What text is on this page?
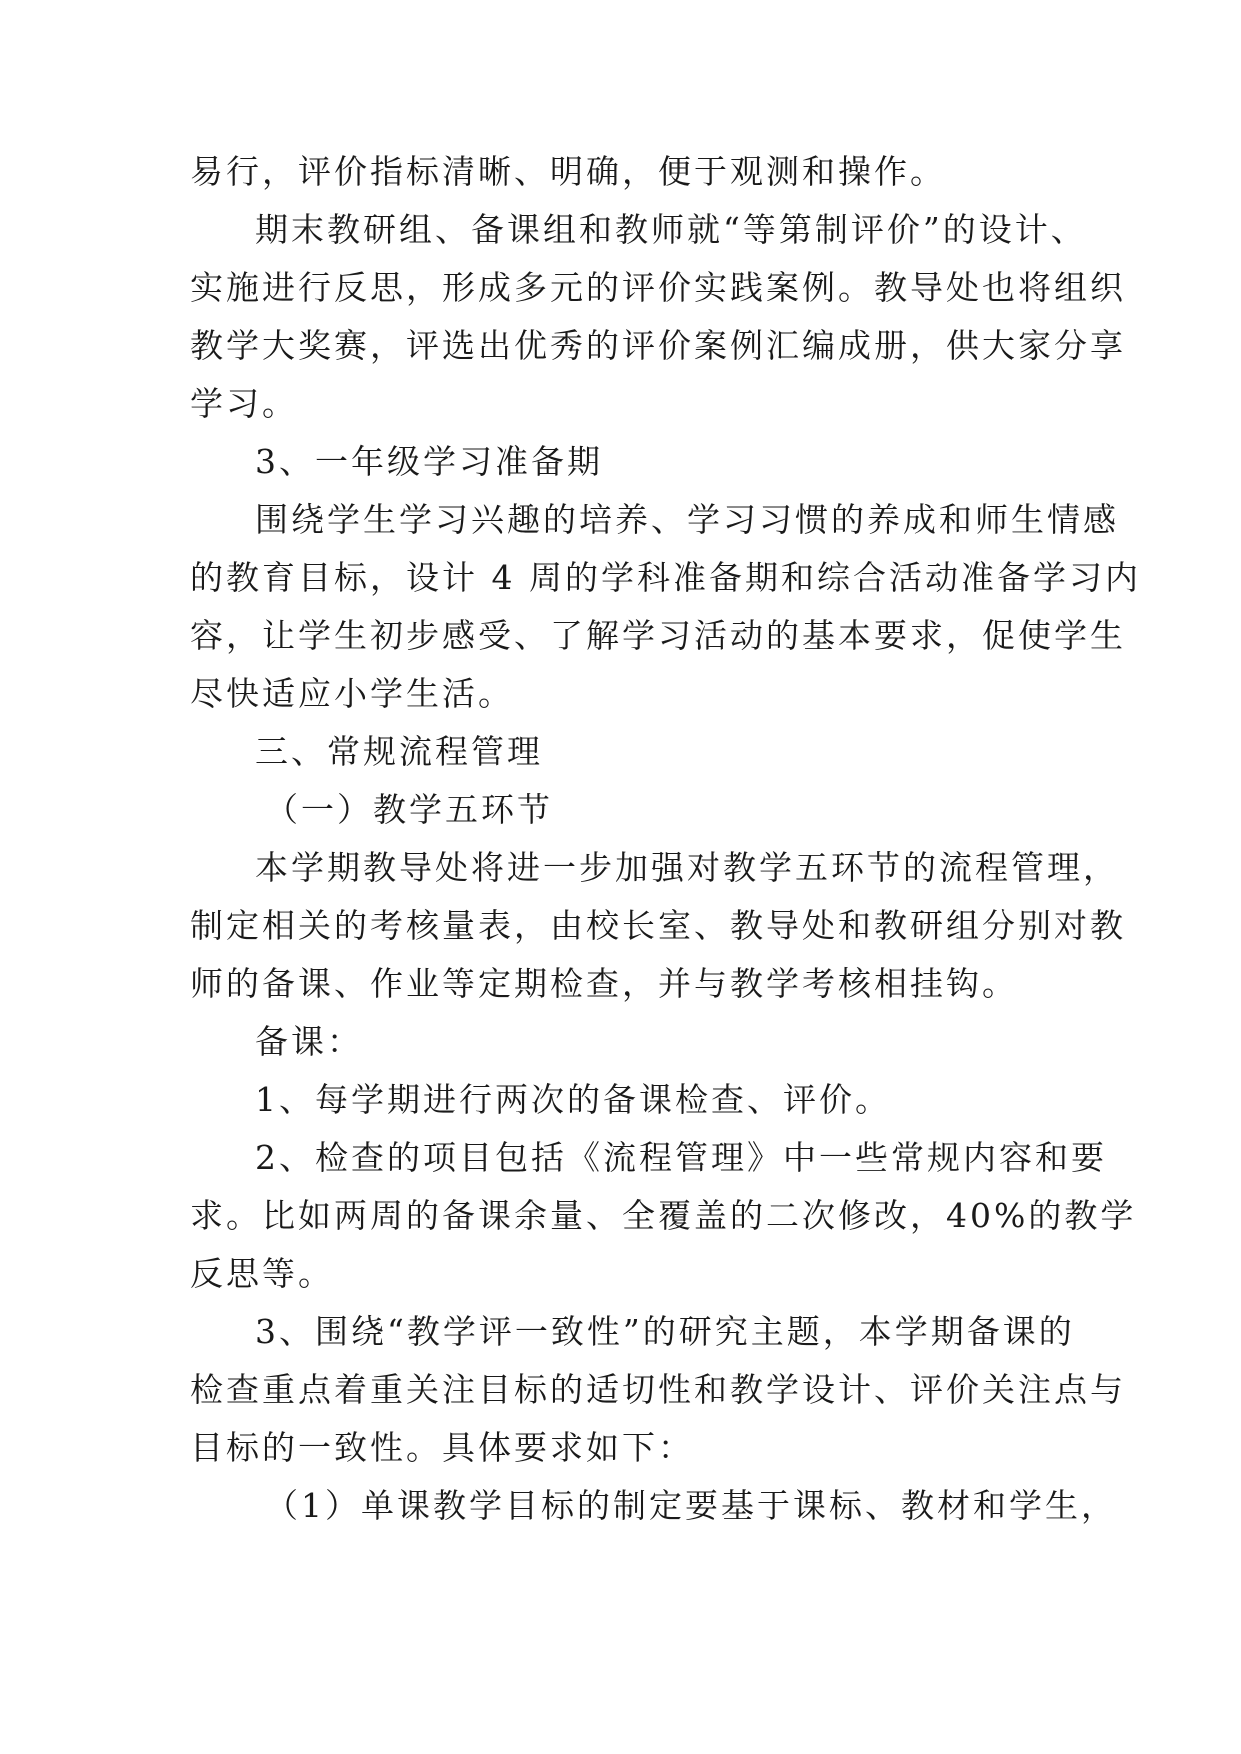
易行，评价指标清晰、明确，便于观测和操作。
期末教研组、备课组和教师就“等第制评价”的设计、
实施进行反思，形成多元的评价实践案例。教导处也将组织
教学大奖赛，评选出优秀的评价案例汇编成册，供大家分享
学习。
3、一年级学习准备期
围绕学生学习兴趣的培养、学习习惯的养成和师生情感
的教育目标，设计 4 周的学科准备期和综合活动准备学习内
容，让学生初步感受、了解学习活动的基本要求，促使学生
尽快适应小学生活。
三、常规流程管理
（一）教学五环节
本学期教导处将进一步加强对教学五环节的流程管理，
制定相关的考核量表，由校长室、教导处和教研组分别对教
师的备课、作业等定期检查，并与教学考核相挂钩。
备课：
1、每学期进行两次的备课检查、评价。
2、检查的项目包括《流程管理》中一些常规内容和要
求。比如两周的备课余量、全覆盖的二次修改，40%的教学
反思等。
3、围绕“教学评一致性”的研究主题，本学期备课的
检查重点着重关注目标的适切性和教学设计、评价关注点与
目标的一致性。具体要求如下：
（1）单课教学目标的制定要基于课标、教材和学生，
